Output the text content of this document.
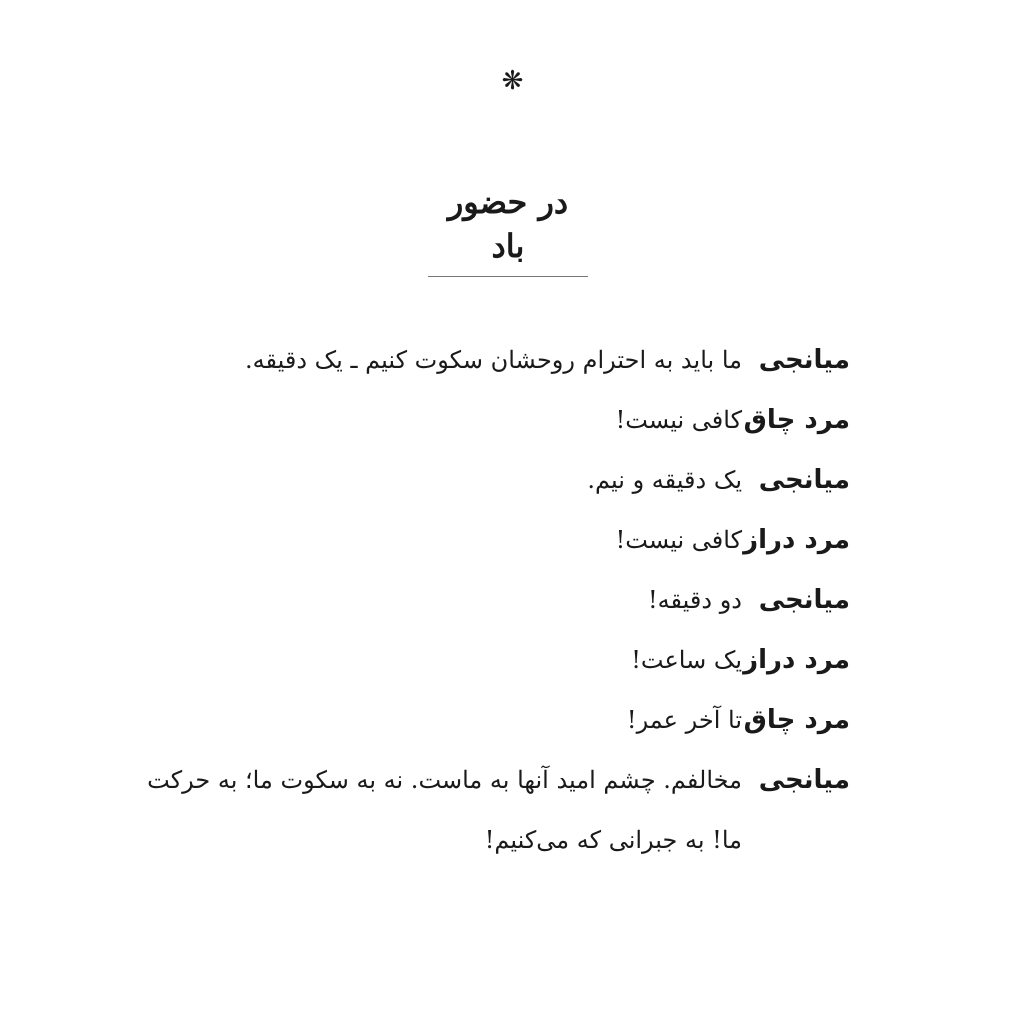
❋
در حضور باد
میانجی
ما باید به احترام روحشان سکوت کنیم ـ یک دقیقه.
مرد چاق
کافی نیست!
میانجی
یک دقیقه و نیم.
مرد دراز
کافی نیست!
میانجی
دو دقیقه!
مرد دراز
یک ساعت!
مرد چاق
تا آخر عمر!
میانجی
مخالفم. چشم امید آنها به ماست. نه به سکوت ما؛ به حرکت ما! به جبرانی که می‌کنیم!
